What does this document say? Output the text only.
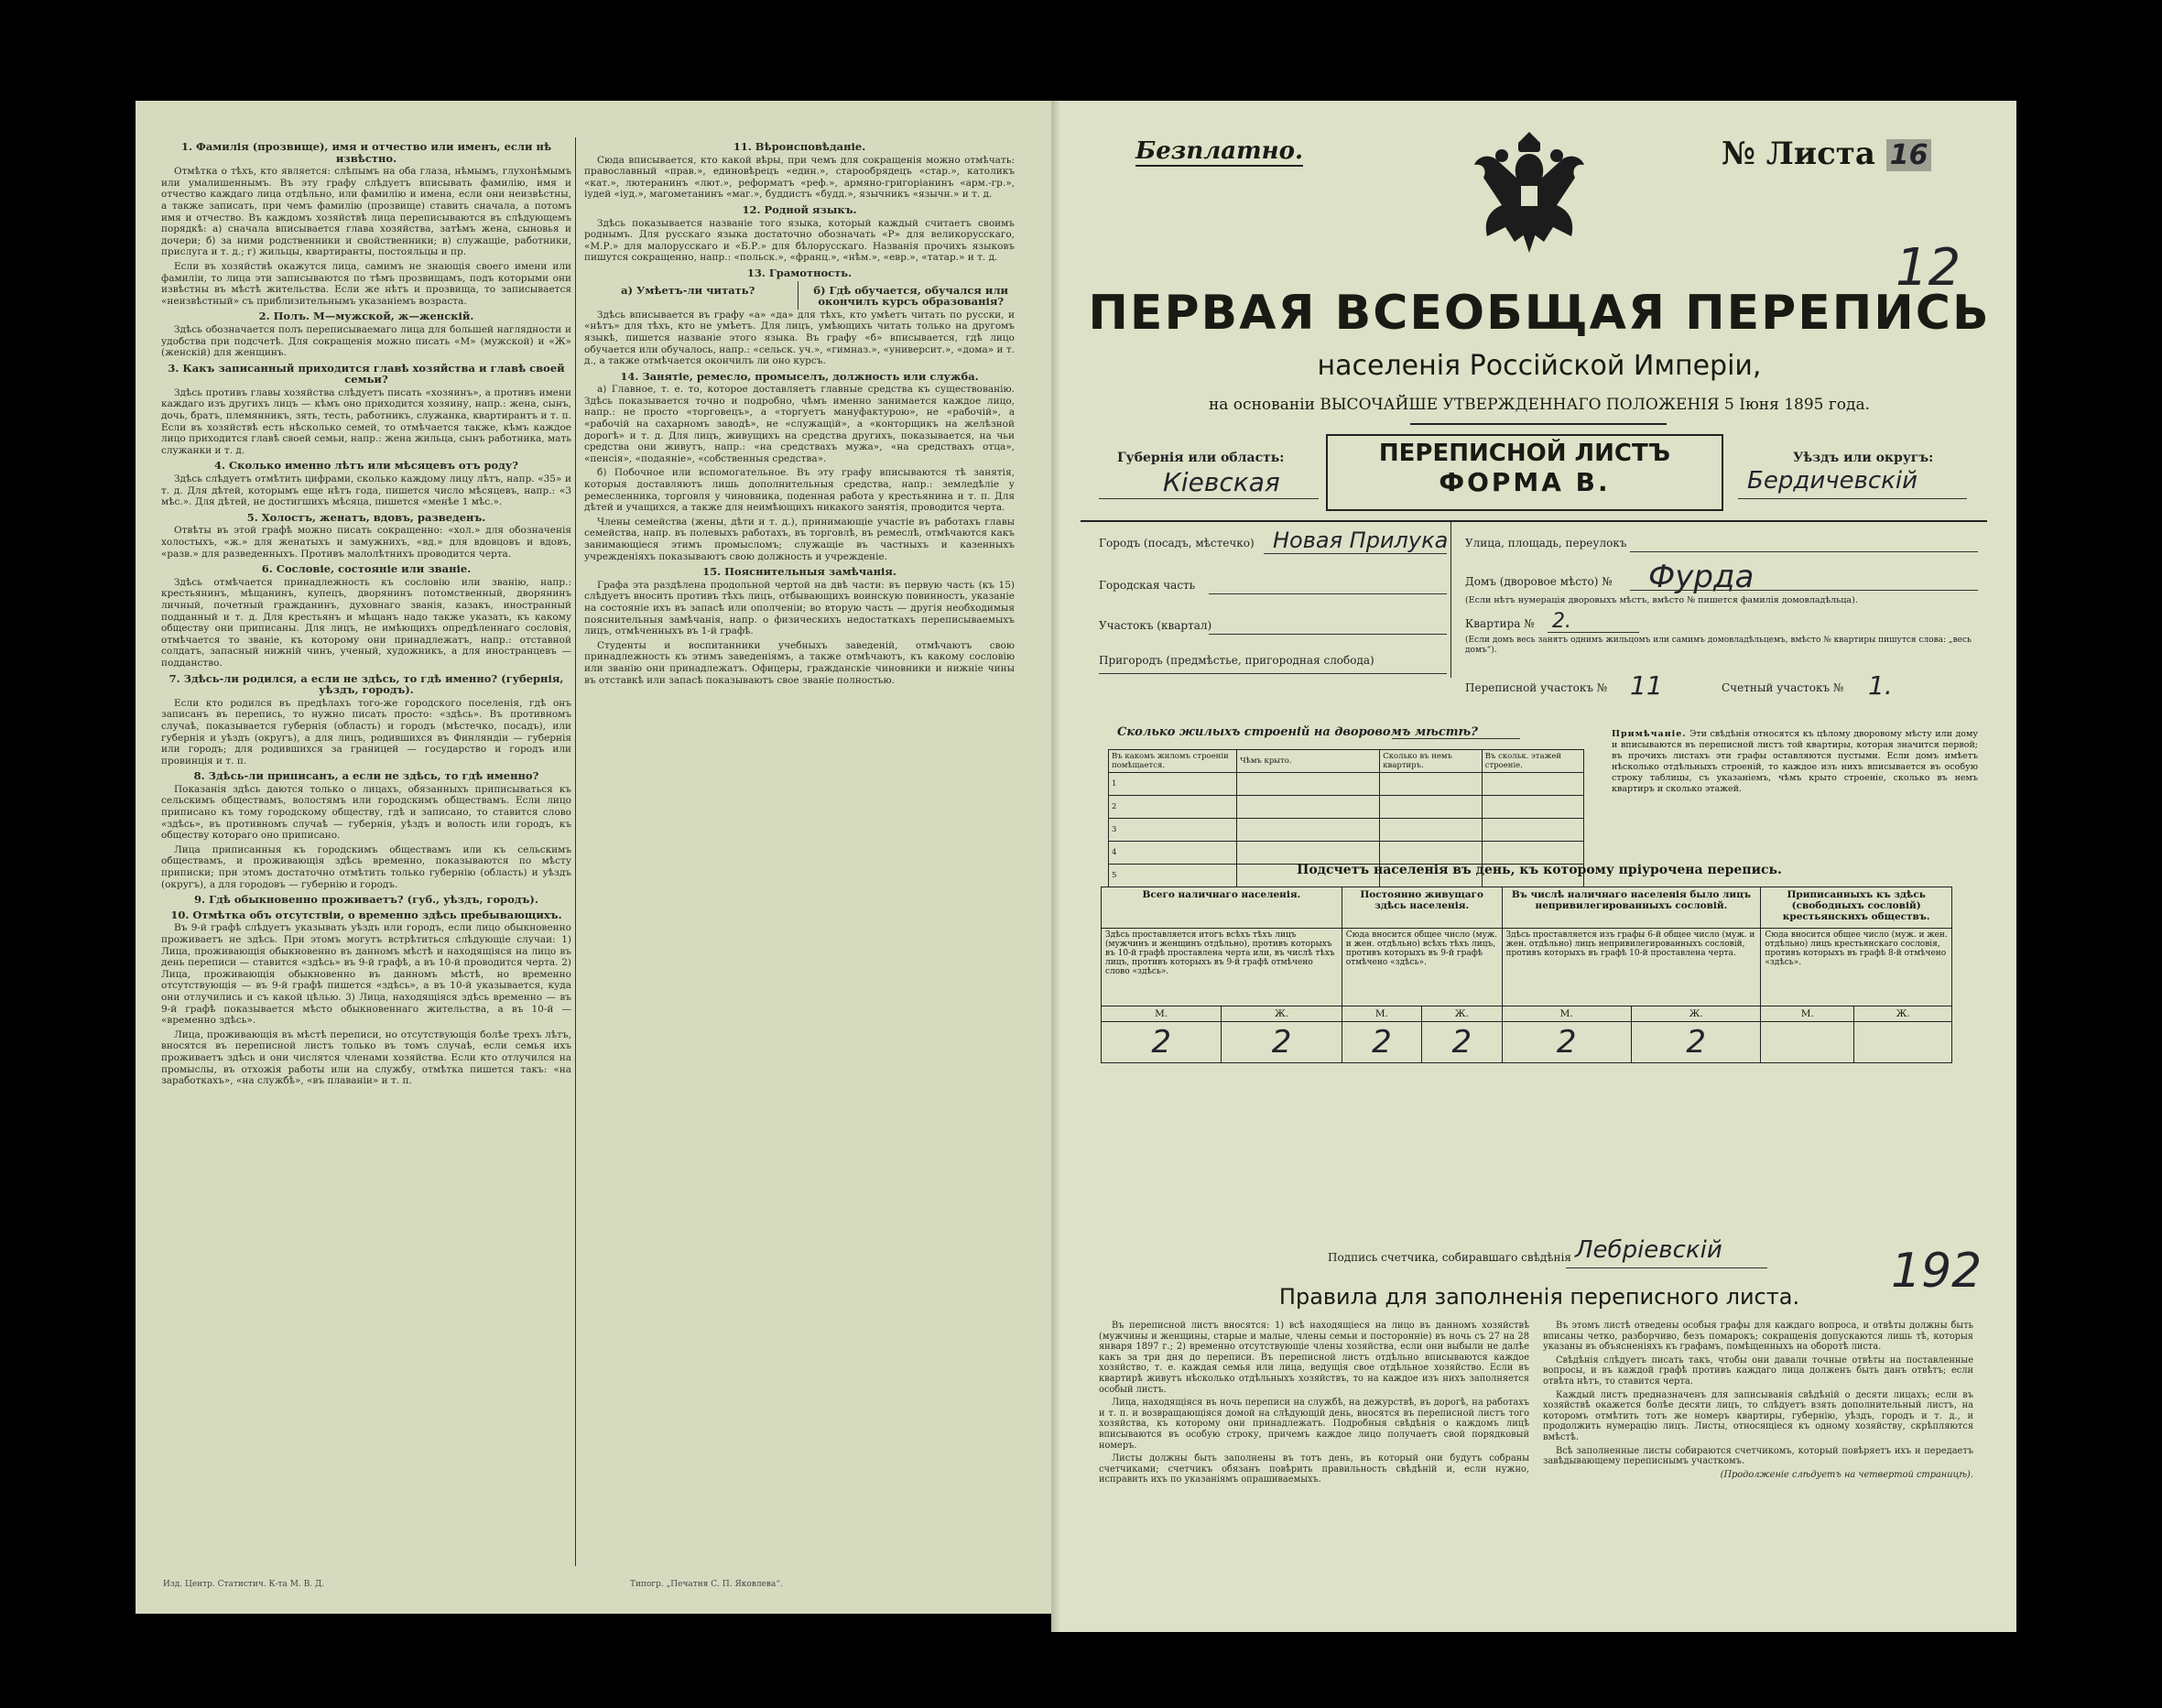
1. Фамилія (прозвище), имя и отчество или именъ, если нѣ извѣстно.

Отмѣтка о тѣхъ, кто является: слѣпымъ на оба глаза, нѣмымъ, глухонѣмымъ или умалишеннымъ. Въ эту графу слѣдуетъ вписывать фамилію, имя и отчество каждаго лица отдѣльно, или фамилію и имена, если они неизвѣстны, а также записать, при чемъ фамилію (прозвище) ставить сначала, а потомъ имя и отчество. Въ каждомъ хозяйствѣ лица переписываются въ слѣдующемъ порядкѣ: а) сначала вписывается глава хозяйства, затѣмъ жена, сыновья и дочери; б) за ними родственники и свойственники; в) служащіе, работники, прислуга и т. д.; г) жильцы, квартиранты, постояльцы и пр.

Если въ хозяйствѣ окажутся лица, самимъ не знающія своего имени или фамиліи, то лица эти записываются по тѣмъ прозвищамъ, подъ которыми они извѣстны въ мѣстѣ жительства. Если же нѣтъ и прозвища, то записывается «неизвѣстный» съ приблизительнымъ указаніемъ возраста.

2. Полъ. М—мужской, ж—женскій.

Здѣсь обозначается полъ переписываемаго лица для большей наглядности и удобства при подсчетѣ. Для сокращенія можно писать «М» (мужской) и «Ж» (женскій) для женщинъ.

3. Какъ записанный приходится главѣ хозяйства и главѣ своей семьи?

Здѣсь противъ главы хозяйства слѣдуетъ писать «хозяинъ», а противъ имени каждаго изъ другихъ лицъ — кѣмъ оно приходится хозяину, напр.: жена, сынъ, дочь, братъ, племянникъ, зять, тесть, работникъ, служанка, квартирантъ и т. п. Если въ хозяйствѣ есть нѣсколько семей, то отмѣчается также, кѣмъ каждое лицо приходится главѣ своей семьи, напр.: жена жильца, сынъ работника, мать служанки и т. д.

4. Сколько именно лѣтъ или мѣсяцевъ отъ роду?

Здѣсь слѣдуетъ отмѣтить цифрами, сколько каждому лицу лѣтъ, напр. «35» и т. д. Для дѣтей, которымъ еще нѣтъ года, пишется число мѣсяцевъ, напр.: «3 мѣс.». Для дѣтей, не достигшихъ мѣсяца, пишется «менѣе 1 мѣс.».

5. Холостъ, женатъ, вдовъ, разведенъ.

Отвѣты въ этой графѣ можно писать сокращенно: «хол.» для обозначенія холостыхъ, «ж.» для женатыхъ и замужнихъ, «вд.» для вдовцовъ и вдовъ, «разв.» для разведенныхъ. Противъ малолѣтнихъ проводится черта.

6. Сословіе, состояніе или званіе.

Здѣсь отмѣчается принадлежность къ сословію или званію, напр.: крестьянинъ, мѣщанинъ, купецъ, дворянинъ потомственный, дворянинъ личный, почетный гражданинъ, духовнаго званія, казакъ, иностранный подданный и т. д. Для крестьянъ и мѣщанъ надо также указать, къ какому обществу они приписаны. Для лицъ, не имѣющихъ опредѣленнаго сословія, отмѣчается то званіе, къ которому они принадлежатъ, напр.: отставной солдатъ, запасный нижній чинъ, ученый, художникъ, а для иностранцевъ — подданство.

7. Здѣсь-ли родился, а если не здѣсь, то гдѣ именно? (губернія, уѣздъ, городъ).

Если кто родился въ предѣлахъ того-же городского поселенія, гдѣ онъ записанъ въ перепись, то нужно писать просто: «здѣсь». Въ противномъ случаѣ, показывается губернія (область) и городъ (мѣстечко, посадъ), или губернія и уѣздъ (округъ), а для лицъ, родившихся въ Финляндіи — губернія или городъ; для родившихся за границей — государство и городъ или провинція и т. п.

8. Здѣсь-ли приписанъ, а если не здѣсь, то гдѣ именно?

Показанія здѣсь даются только о лицахъ, обязанныхъ приписываться къ сельскимъ обществамъ, волостямъ или городскимъ обществамъ. Если лицо приписано къ тому городскому обществу, гдѣ и записано, то ставится слово «здѣсь», въ противномъ случаѣ — губернія, уѣздъ и волость или городъ, къ обществу котораго оно приписано.

Лица приписанныя къ городскимъ обществамъ или къ сельскимъ обществамъ, и проживающія здѣсь временно, показываются по мѣсту приписки; при этомъ достаточно отмѣтить только губернію (область) и уѣздъ (округъ), а для городовъ — губернію и городъ.

9. Гдѣ обыкновенно проживаетъ? (губ., уѣздъ, городъ).
10. Отмѣтка объ отсутствіи, о временно здѣсь пребывающихъ.

Въ 9-й графѣ слѣдуетъ указывать уѣздъ или городъ, если лицо обыкновенно проживаетъ не здѣсь. При этомъ могутъ встрѣтиться слѣдующіе случаи: 1) Лица, проживающія обыкновенно въ данномъ мѣстѣ и находящіяся на лицо въ день переписи — ставится «здѣсь» въ 9-й графѣ, а въ 10-й проводится черта. 2) Лица, проживающія обыкновенно въ данномъ мѣстѣ, но временно отсутствующія — въ 9-й графѣ пишется «здѣсь», а въ 10-й указывается, куда они отлучились и съ какой цѣлью. 3) Лица, находящіяся здѣсь временно — въ 9-й графѣ показывается мѣсто обыкновеннаго жительства, а въ 10-й — «временно здѣсь».

Лица, проживающія въ мѣстѣ переписи, но отсутствующія болѣе трехъ лѣтъ, вносятся въ переписной листъ только въ томъ случаѣ, если семья ихъ проживаетъ здѣсь и они числятся членами хозяйства. Если кто отлучился на промыслы, въ отхожія работы или на службу, отмѣтка пишется такъ: «на заработкахъ», «на службѣ», «въ плаваніи» и т. п.

11. Вѣроисповѣданіе.

Сюда вписывается, кто какой вѣры, при чемъ для сокращенія можно отмѣчать: православный «прав.», единовѣрецъ «един.», старообрядецъ «стар.», католикъ «кат.», лютеранинъ «лют.», реформатъ «реф.», армяно-григоріанинъ «арм.-гр.», іудей «іуд.», магометанинъ «маг.», буддистъ «будд.», язычникъ «язычн.» и т. д.

12. Родной языкъ.

Здѣсь показывается названіе того языка, который каждый считаетъ своимъ роднымъ. Для русскаго языка достаточно обозначать «Р» для великорусскаго, «М.Р.» для малорусскаго и «Б.Р.» для бѣлорусскаго. Названія прочихъ языковъ пишутся сокращенно, напр.: «польск.», «франц.», «нѣм.», «евр.», «татар.» и т. д.

13. Грамотность.
а) Умѣетъ-ли читать?	б) Гдѣ обучается, обучался или окончилъ курсъ образованія?

Здѣсь вписывается въ графу «а» «да» для тѣхъ, кто умѣетъ читать по русски, и «нѣтъ» для тѣхъ, кто не умѣетъ. Для лицъ, умѣющихъ читать только на другомъ языкѣ, пишется названіе этого языка. Въ графу «б» вписывается, гдѣ лицо обучается или обучалось, напр.: «сельск. уч.», «гимназ.», «университ.», «дома» и т. д., а также отмѣчается окончилъ ли оно курсъ.

14. Занятіе, ремесло, промыселъ, должность или служба.

а) Главное, т. е. то, которое доставляетъ главные средства къ существованію. Здѣсь показывается точно и подробно, чѣмъ именно занимается каждое лицо, напр.: не просто «торговецъ», а «торгуетъ мануфактурою», не «рабочій», а «рабочій на сахарномъ заводѣ», не «служащій», а «конторщикъ на желѣзной дорогѣ» и т. д. Для лицъ, живущихъ на средства другихъ, показывается, на чьи средства они живутъ, напр.: «на средствахъ мужа», «на средствахъ отца», «пенсія», «подаяніе», «собственныя средства».

б) Побочное или вспомогательное. Въ эту графу вписываются тѣ занятія, которыя доставляютъ лишь дополнительныя средства, напр.: земледѣліе у ремесленника, торговля у чиновника, поденная работа у крестьянина и т. п. Для дѣтей и учащихся, а также для неимѣющихъ никакого занятія, проводится черта.

Члены семейства (жены, дѣти и т. д.), принимающіе участіе въ работахъ главы семейства, напр. въ полевыхъ работахъ, въ торговлѣ, въ ремеслѣ, отмѣчаются какъ занимающіеся этимъ промысломъ; служащіе въ частныхъ и казенныхъ учрежденіяхъ показываютъ свою должность и учрежденіе.

15. Пояснительныя замѣчанія.

Графа эта раздѣлена продольной чертой на двѣ части: въ первую часть (къ 15) слѣдуетъ вносить противъ тѣхъ лицъ, отбывающихъ воинскую повинность, указаніе на состояніе ихъ въ запасѣ или ополченіи; во вторую часть — другія необходимыя пояснительныя замѣчанія, напр. о физическихъ недостаткахъ переписываемыхъ лицъ, отмѣченныхъ въ 1-й графѣ.

Студенты и воспитанники учебныхъ заведеній, отмѣчаютъ свою принадлежность къ этимъ заведеніямъ, а также отмѣчаютъ, къ какому сословію или званію они принадлежатъ. Офицеры, гражданскіе чиновники и нижніе чины въ отставкѣ или запасѣ показываютъ свое званіе полностью.

Изд. Центр. Статистич. К-та М. В. Д.	Типогр. „Печатня С. П. Яковлева“.
Безплатно.	№ Листа 16
12
ПЕРВАЯ ВСЕОБЩАЯ ПЕРЕПИСЬ
населенія Россійской Имперіи,
на основаніи ВЫСОЧАЙШЕ УТВЕРЖДЕННАГО ПОЛОЖЕНІЯ 5 Іюня 1895 года.
Губернія или область:
Кіевская
ПЕРЕПИСНОЙ ЛИСТЪ
ФОРМА В.
Уѣздъ или округъ:
Бердичевскій
Городъ (посадъ, мѣстечко) Новая Прилука
Городская часть
Участокъ (квартал)
Пригородъ (предмѣстье, пригородная слобода)
Улица, площадь, переулокъ
Домъ (дворовое мѣсто) № Фурда
(Если нѣтъ нумерація дворовыхъ мѣстъ, вмѣсто № пишется фамилія домовладѣльца).
Квартира № 2.
(Если домъ весь занятъ однимъ жильцомъ или самимъ домовладѣльцемъ, вмѣсто № квартиры пишутся слова: „весь домъ“).
Переписной участокъ № 11	Счетный участокъ № 1.
Сколько жилыхъ строеній на дворовомъ мѣстѣ?
Въ какомъ жиломъ строеніи помѣщается.	Чѣмъ крыто.	Сколько въ немъ квартиръ.	Въ скольк. этажей строеніе.
1			
2			
3			
4			
5			
Примѣчаніе. Эти свѣдѣнія относятся къ цѣлому дворовому мѣсту или дому и вписываются въ переписной листъ той квартиры, которая значится первой; въ прочихъ листахъ эти графы оставляются пустыми. Если домъ имѣетъ нѣсколько отдѣльныхъ строеній, то каждое изъ нихъ вписывается въ особую строку таблицы, съ указаніемъ, чѣмъ крыто строеніе, сколько въ немъ квартиръ и сколько этажей.
Подсчетъ населенія въ день, къ которому пріурочена перепись.
Всего наличнаго населенія.		Постоянно живущаго здѣсь населенія.		Въ числѣ наличнаго населенія было лицъ непривилегированныхъ сословій.		Приписанныхъ къ здѣсь (свободныхъ сословій) крестьянскихъ обществъ.	
Здѣсь проставляется итогъ всѣхъ тѣхъ лицъ (мужчинъ и женщинъ отдѣльно), противъ которыхъ въ 10-й графѣ проставлена черта или, въ числѣ тѣхъ лицъ, противъ которыхъ въ 9-й графѣ отмѣчено слово «здѣсь».		Сюда вносится общее число (муж. и жен. отдѣльно) всѣхъ тѣхъ лицъ, противъ которыхъ въ 9-й графѣ отмѣчено «здѣсь».		Здѣсь проставляется изъ графы 6-й общее число (муж. и жен. отдѣльно) лицъ непривилегированныхъ сословій, противъ которыхъ въ графѣ 10-й проставлена черта.		Сюда вносится общее число (муж. и жен. отдѣльно) лицъ крестьянскаго сословія, противъ которыхъ въ графѣ 8-й отмѣчено «здѣсь».	
М.	Ж.	М.	Ж.	М.	Ж.	М.	Ж.
2	2	2	2	2	2		
Подпись счетчика, собиравшаго свѣдѣнія Лебріевскій	192
Правила для заполненія переписного листа.

Въ переписной листъ вносятся: 1) всѣ находящіеся на лицо въ данномъ хозяйствѣ (мужчины и женщины, старые и малые, члены семьи и посторонніе) въ ночь съ 27 на 28 января 1897 г.; 2) временно отсутствующіе члены хозяйства, если они выбыли не далѣе какъ за три дня до переписи. Въ переписной листъ отдѣльно вписываются каждое хозяйство, т. е. каждая семья или лица, ведущія свое отдѣльное хозяйство. Если въ квартирѣ живутъ нѣсколько отдѣльныхъ хозяйствъ, то на каждое изъ нихъ заполняется особый листъ.

Лица, находящіяся въ ночь переписи на службѣ, на дежурствѣ, въ дорогѣ, на работахъ и т. п. и возвращающіяся домой на слѣдующій день, вносятся въ переписной листъ того хозяйства, къ которому они принадлежатъ. Подробныя свѣдѣнія о каждомъ лицѣ вписываются въ особую строку, причемъ каждое лицо получаетъ свой порядковый номеръ.

Листы должны быть заполнены въ тотъ день, въ который они будутъ собраны счетчиками; счетчикъ обязанъ повѣрить правильность свѣдѣній и, если нужно, исправить ихъ по указаніямъ опрашиваемыхъ.

Въ этомъ листѣ отведены особыя графы для каждаго вопроса, и отвѣты должны быть вписаны четко, разборчиво, безъ помарокъ; сокращенія допускаются лишь тѣ, которыя указаны въ объясненіяхъ къ графамъ, помѣщенныхъ на оборотѣ листа.

Свѣдѣнія слѣдуетъ писать такъ, чтобы они давали точные отвѣты на поставленные вопросы, и въ каждой графѣ противъ каждаго лица долженъ быть данъ отвѣтъ; если отвѣта нѣтъ, то ставится черта.

Каждый листъ предназначенъ для записыванія свѣдѣній о десяти лицахъ; если въ хозяйствѣ окажется болѣе десяти лицъ, то слѣдуетъ взять дополнительный листъ, на которомъ отмѣтить тотъ же номеръ квартиры, губернію, уѣздъ, городъ и т. д., и продолжить нумерацію лицъ. Листы, относящіеся къ одному хозяйству, скрѣпляются вмѣстѣ.

Всѣ заполненные листы собираются счетчикомъ, который повѣряетъ ихъ и передаетъ завѣдывающему переписнымъ участкомъ.

(Продолженіе слѣдуетъ на четвертой страницѣ).
